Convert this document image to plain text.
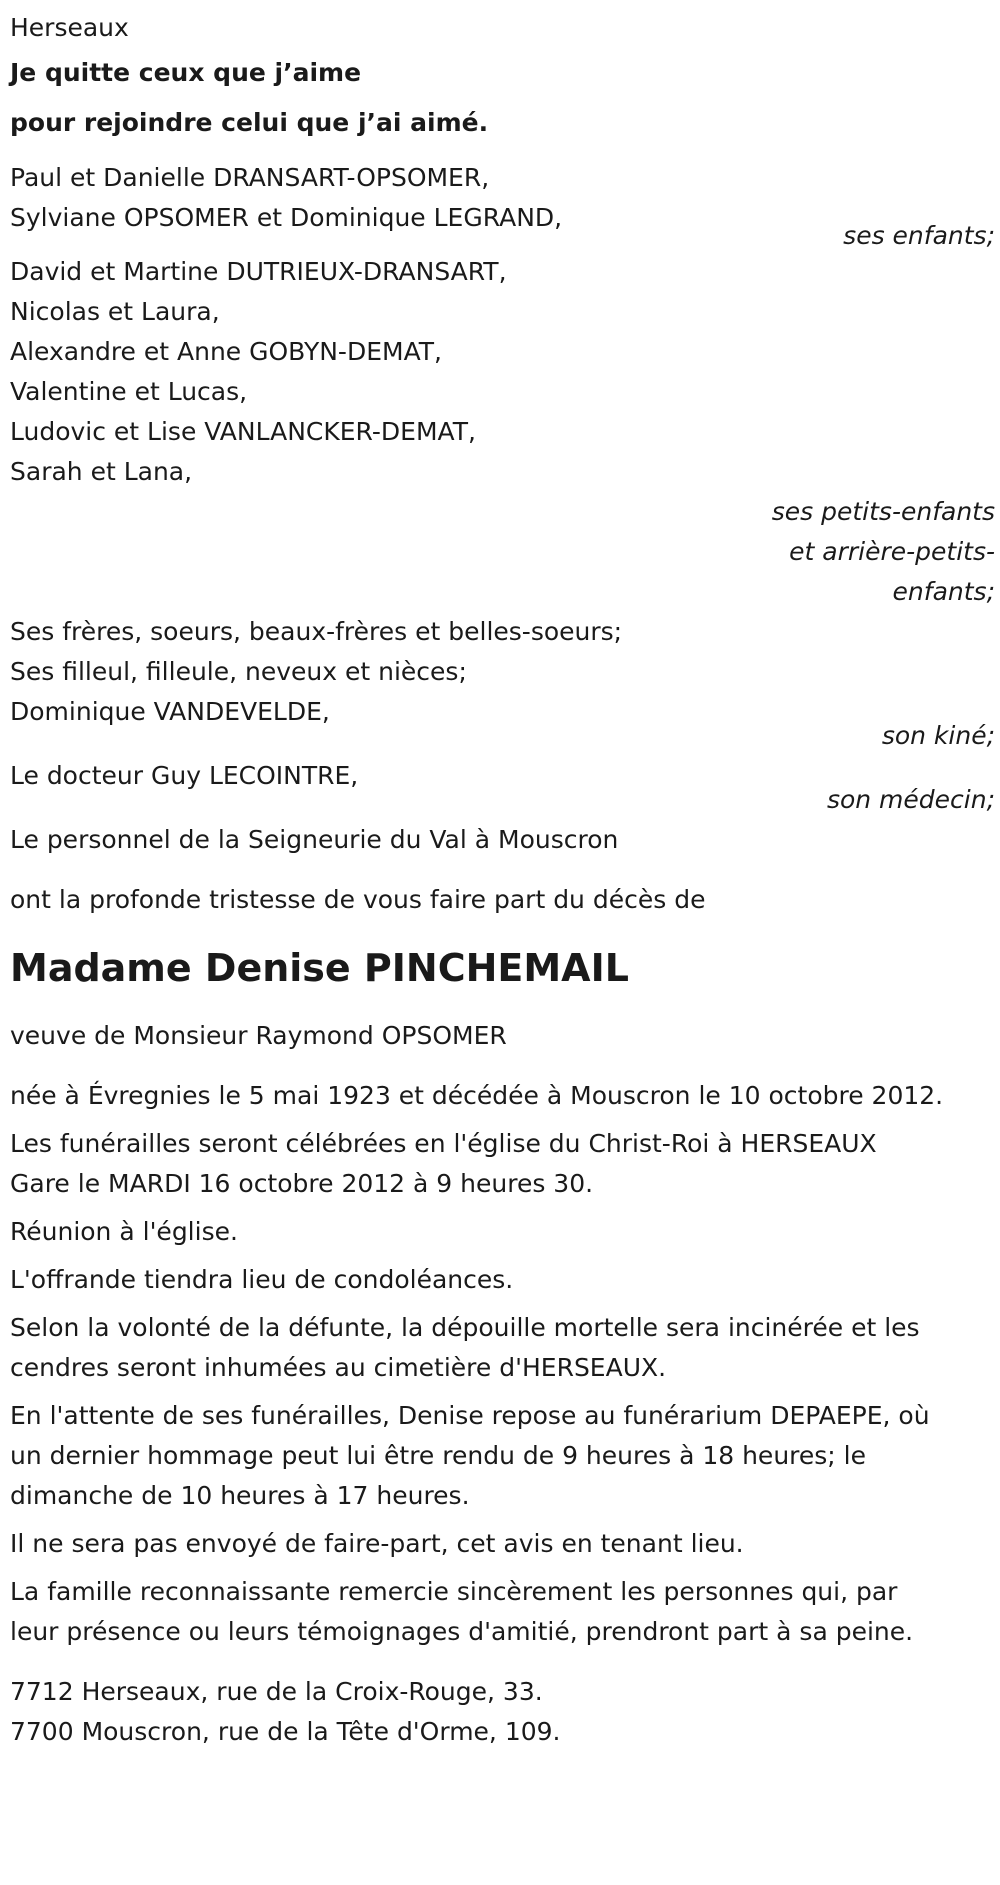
Herseaux
Je quitte ceux que j’aime
pour rejoindre celui que j’ai aimé.
Paul et Danielle DRANSART-OPSOMER,
Sylviane OPSOMER et Dominique LEGRAND,
ses enfants;
David et Martine DUTRIEUX-DRANSART,
Nicolas et Laura,
Alexandre et Anne GOBYN-DEMAT,
Valentine et Lucas,
Ludovic et Lise VANLANCKER-DEMAT,
Sarah et Lana,
ses petits-enfants
et arrière-petits-
enfants;
Ses frères, soeurs, beaux-frères et belles-soeurs;
Ses filleul, filleule, neveux et nièces;
Dominique VANDEVELDE,
son kiné;
Le docteur Guy LECOINTRE,
son médecin;
Le personnel de la Seigneurie du Val à Mouscron
ont la profonde tristesse de vous faire part du décès de
Madame Denise PINCHEMAIL
veuve de Monsieur Raymond OPSOMER
née à Évregnies le 5 mai 1923 et décédée à Mouscron le 10 octobre 2012.
Les funérailles seront célébrées en l'église du Christ-Roi à HERSEAUX
Gare le MARDI 16 octobre 2012 à 9 heures 30.
Réunion à l'église.
L'offrande tiendra lieu de condoléances.
Selon la volonté de la défunte, la dépouille mortelle sera incinérée et les
cendres seront inhumées au cimetière d'HERSEAUX.
En l'attente de ses funérailles, Denise repose au funérarium DEPAEPE, où
un dernier hommage peut lui être rendu de 9 heures à 18 heures; le
dimanche de 10 heures à 17 heures.
Il ne sera pas envoyé de faire-part, cet avis en tenant lieu.
La famille reconnaissante remercie sincèrement les personnes qui, par
leur présence ou leurs témoignages d'amitié, prendront part à sa peine.
7712 Herseaux, rue de la Croix-Rouge, 33.
7700 Mouscron, rue de la Tête d'Orme, 109.
